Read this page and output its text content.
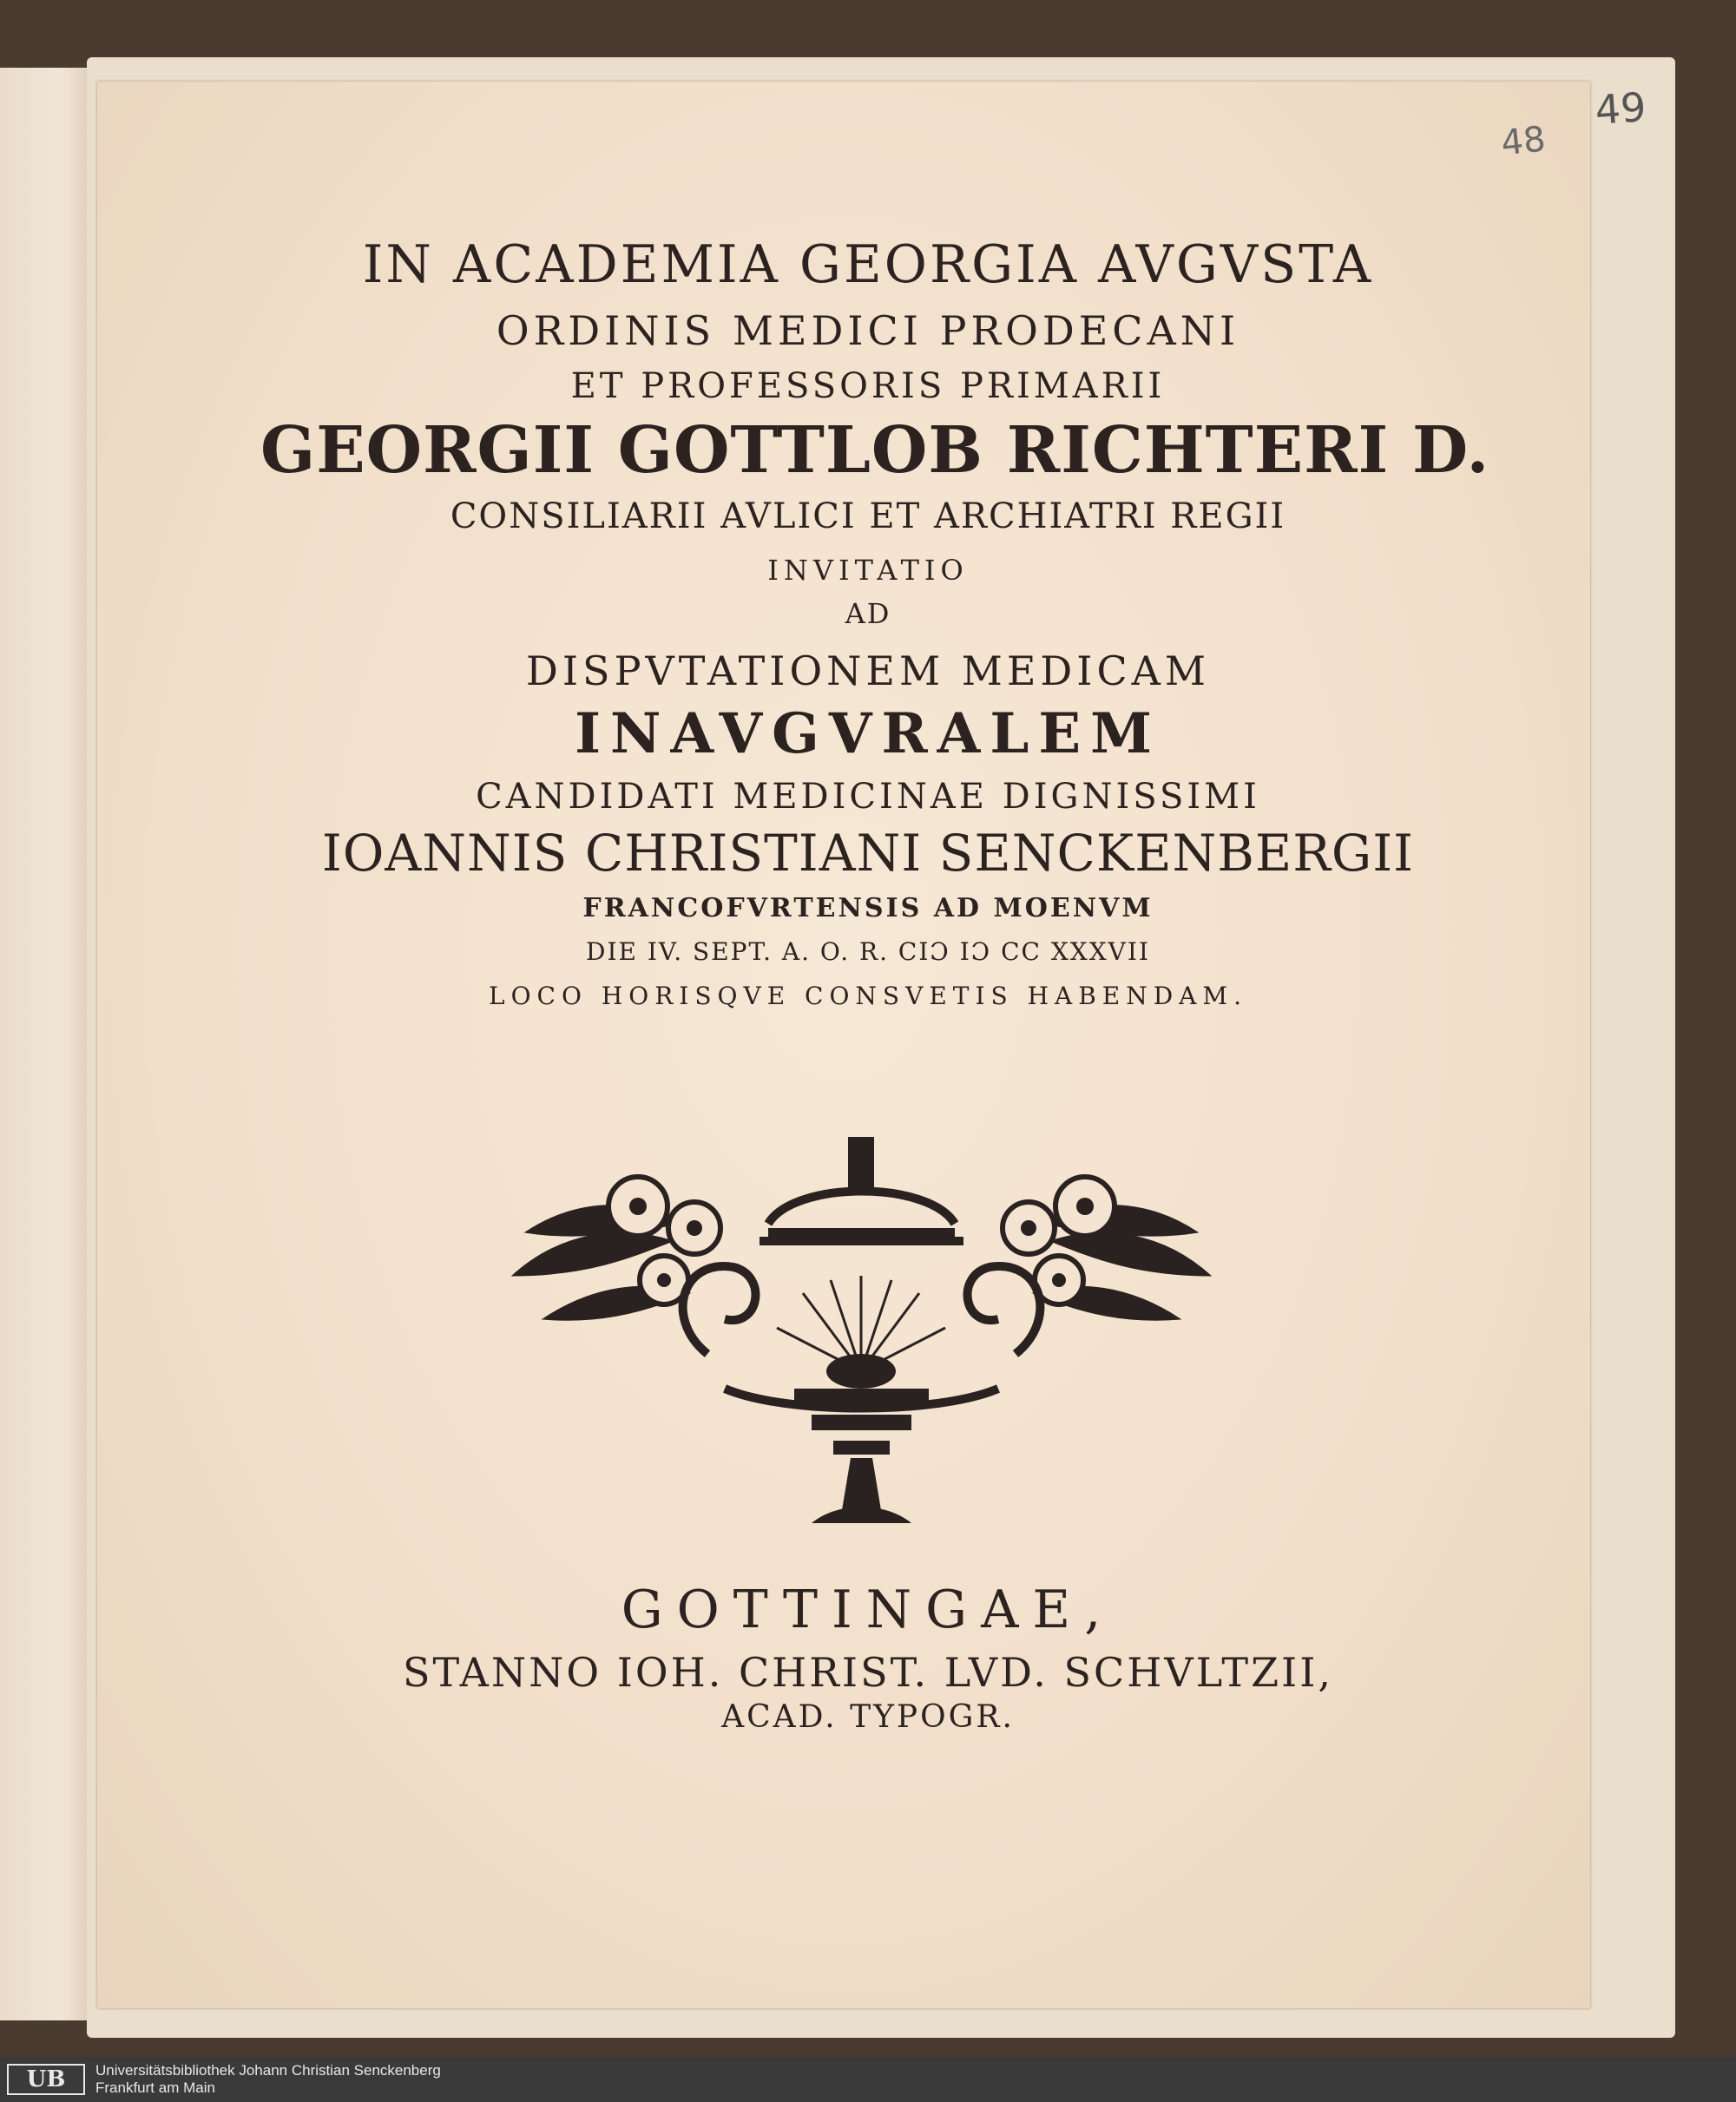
49
48
IN ACADEMIA GEORGIA AVGVSTA
ORDINIS MEDICI PRODECANI
ET PROFESSORIS PRIMARII
GEORGII GOTTLOB RICHTERI D.
CONSILIARII AVLICI ET ARCHIATRI REGII
INVITATIO
AD
DISPVTATIONEM MEDICAM
INAVGVRALEM
CANDIDATI MEDICINAE DIGNISSIMI
IOANNIS CHRISTIANI SENCKENBERGII
FRANCOFVRTENSIS AD MOENVM
DIE IV. SEPT. A. O. R. CIƆ IƆ CC XXXVII
LOCO HORISQVE CONSVETIS HABENDAM.
GOTTINGAE,
STANNO IOH. CHRIST. LVD. SCHVLTZII,
ACAD. TYPOGR.
UB	Universitätsbibliothek Johann Christian Senckenberg
Frankfurt am Main
